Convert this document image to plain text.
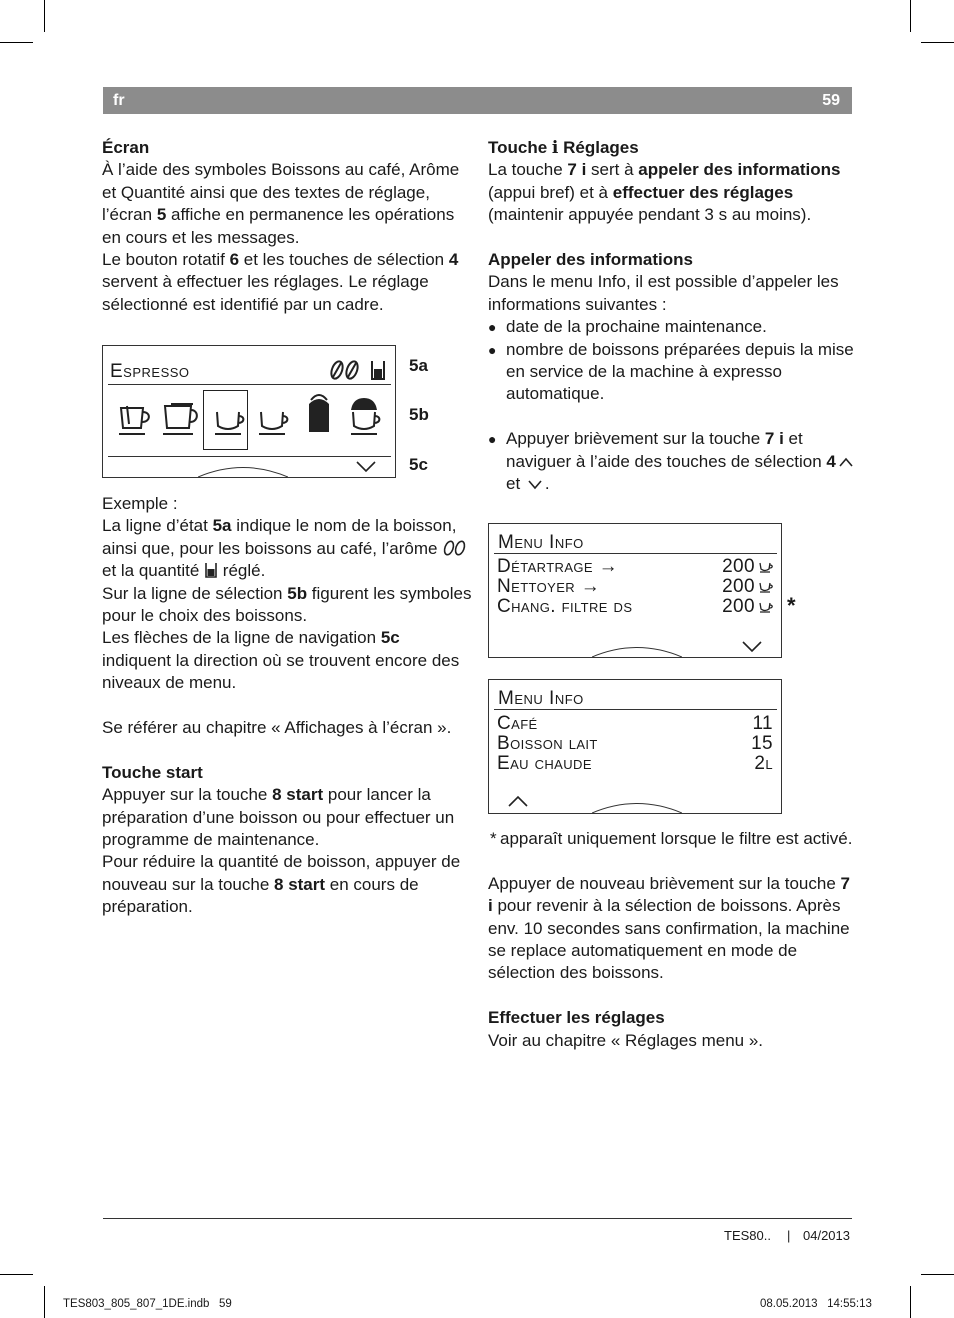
fr	59

Écran

À l’aide des symboles Boissons au café, Arôme et Quantité ainsi que des textes de réglage, l’écran 5 affiche en permanence les opérations en cours et les messages.

Le bouton rotatif 6 et les touches de sélection 4 servent à effectuer les réglages. Le réglage sélectionné est identifié par un cadre.

Espresso	5a
5b
5c

Exemple :

La ligne d’état 5a indique le nom de la boisson, ainsi que, pour les boissons au café, l’arôme  et la quantité  réglé.

Sur la ligne de sélection 5b figurent les symboles pour le choix des boissons.

Les flèches de la ligne de navigation 5c indiquent la direction où se trouvent encore des niveaux de menu.

Se référer au chapitre « Affichages à l’écran ».

Touche start

Appuyer sur la touche 8 start pour lancer la préparation d’une boisson ou pour effectuer un programme de maintenance.

Pour réduire la quantité de boisson, appuyer de nouveau sur la touche 8 start en cours de préparation.

Touche i Réglages

La touche 7 i sert à appeler des informations (appui bref) et à effectuer des réglages (maintenir appuyée pendant 3 s au moins).

Appeler des informations

Dans le menu Info, il est possible d’appeler les informations suivantes :

● date de la prochaine maintenance.

● nombre de boissons préparées depuis la mise en service de la machine à expresso automatique.

● Appuyer brièvement sur la touche 7 i et naviguer à l’aide des touches de sélection 4 et .

Menu Info
Détartrage →	200
Nettoyer →	200
Chang. filtre ds	200	*
Menu Info
Café	11
Boisson lait	15
Eau chaude	2l

* apparaît uniquement lorsque le filtre est activé.

Appuyer de nouveau brièvement sur la touche 7 i pour revenir à la sélection de boissons. Après env. 10 secondes sans confirmation, la machine se replace automatiquement en mode de sélection des boissons.

Effectuer les réglages

Voir au chapitre « Réglages menu ».

TES80.. | 04/2013
TES803_805_807_1DE.indb   59	08.05.2013   14:55:13
